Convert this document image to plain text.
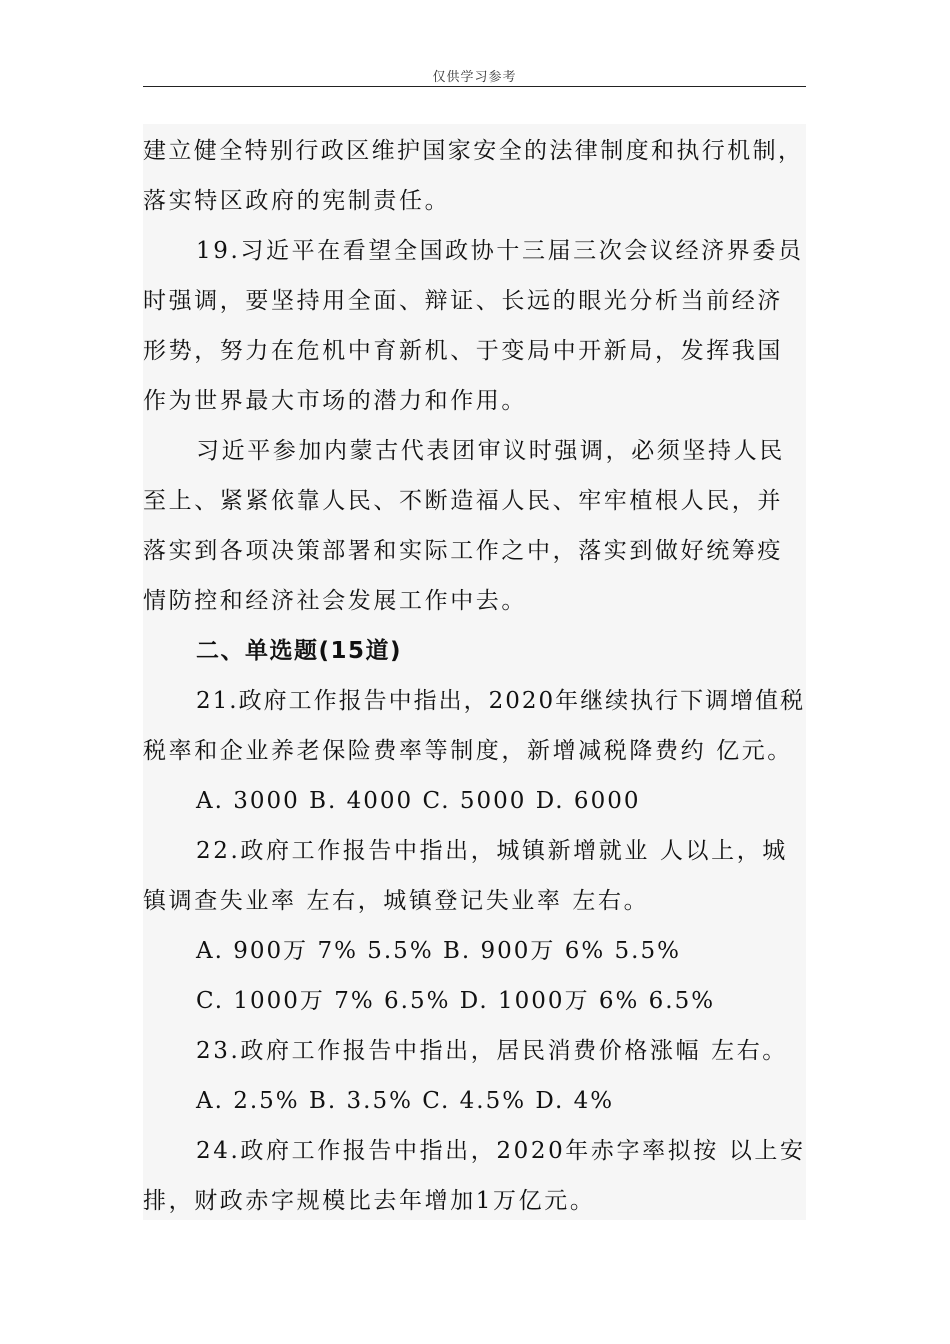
仅供学习参考
建立健全特别行政区维护国家安全的法律制度和执行机制，
落实特区政府的宪制责任。
19.习近平在看望全国政协十三届三次会议经济界委员
时强调，要坚持用全面、辩证、长远的眼光分析当前经济
形势，努力在危机中育新机、于变局中开新局，发挥我国
作为世界最大市场的潜力和作用。
习近平参加内蒙古代表团审议时强调，必须坚持人民
至上、紧紧依靠人民、不断造福人民、牢牢植根人民，并
落实到各项决策部署和实际工作之中，落实到做好统筹疫
情防控和经济社会发展工作中去。
二、单选题(15道)
21.政府工作报告中指出，2020年继续执行下调增值税
税率和企业养老保险费率等制度，新增减税降费约 亿元。
A. 3000 B. 4000 C. 5000 D. 6000
22.政府工作报告中指出，城镇新增就业 人以上，城
镇调查失业率 左右，城镇登记失业率 左右。
A. 900万 7% 5.5% B. 900万 6% 5.5%
C. 1000万 7% 6.5% D. 1000万 6% 6.5%
23.政府工作报告中指出，居民消费价格涨幅 左右。
A. 2.5% B. 3.5% C. 4.5% D. 4%
24.政府工作报告中指出，2020年赤字率拟按 以上安
排，财政赤字规模比去年增加1万亿元。
